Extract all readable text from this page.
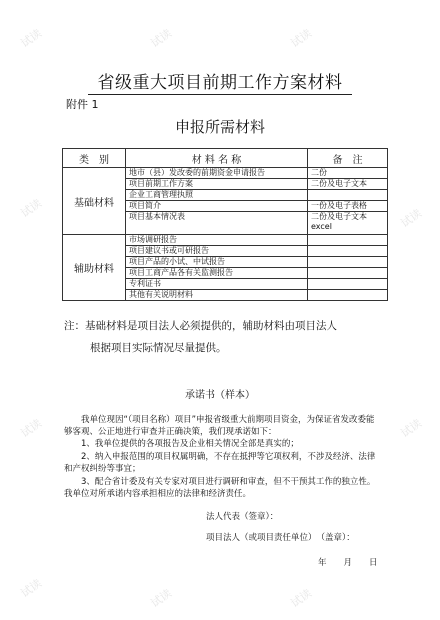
试读	试读	试读
试读	试读
试读	试读
试读	试读	试读
省级重大项目前期工作方案材料
附件 1
申报所需材料
类　别	材 料 名 称	备　注
基础材料	地市（县）发改委的前期资金申请报告	二份
	项目前期工作方案	二份及电子文本
	企业工商管理执照	
	项目简介	一份及电子表格
	项目基本情况表	二份及电子文本 excel
辅助材料	市场调研报告	
	项目建议书或可研报告	
	项目产品的小试、中试报告	
	项目工商产品各有关监测报告	
	专利证书	
	其他有关说明材料	
注：基础材料是项目法人必须提供的，辅助材料由项目法人
根据项目实际情况尽量提供。
承诺书（样本）
我单位现因“（项目名称）项目”申报省级重大前期项目资金，为保证省发改委能够客观、公正地进行审查并正确决策，我们现承诺如下：
1、我单位提供的各项报告及企业相关情况全部是真实的；
2、纳入申报范围的项目权属明确，不存在抵押等它项权利，不涉及经济、法律和产权纠纷等事宜；
3、配合省计委及有关专家对项目进行调研和审查，但不干预其工作的独立性。我单位对所承诺内容承担相应的法律和经济责任。
法人代表（签章）：
项目法人（或项目责任单位）　（盖章）：
年　　月　　日
